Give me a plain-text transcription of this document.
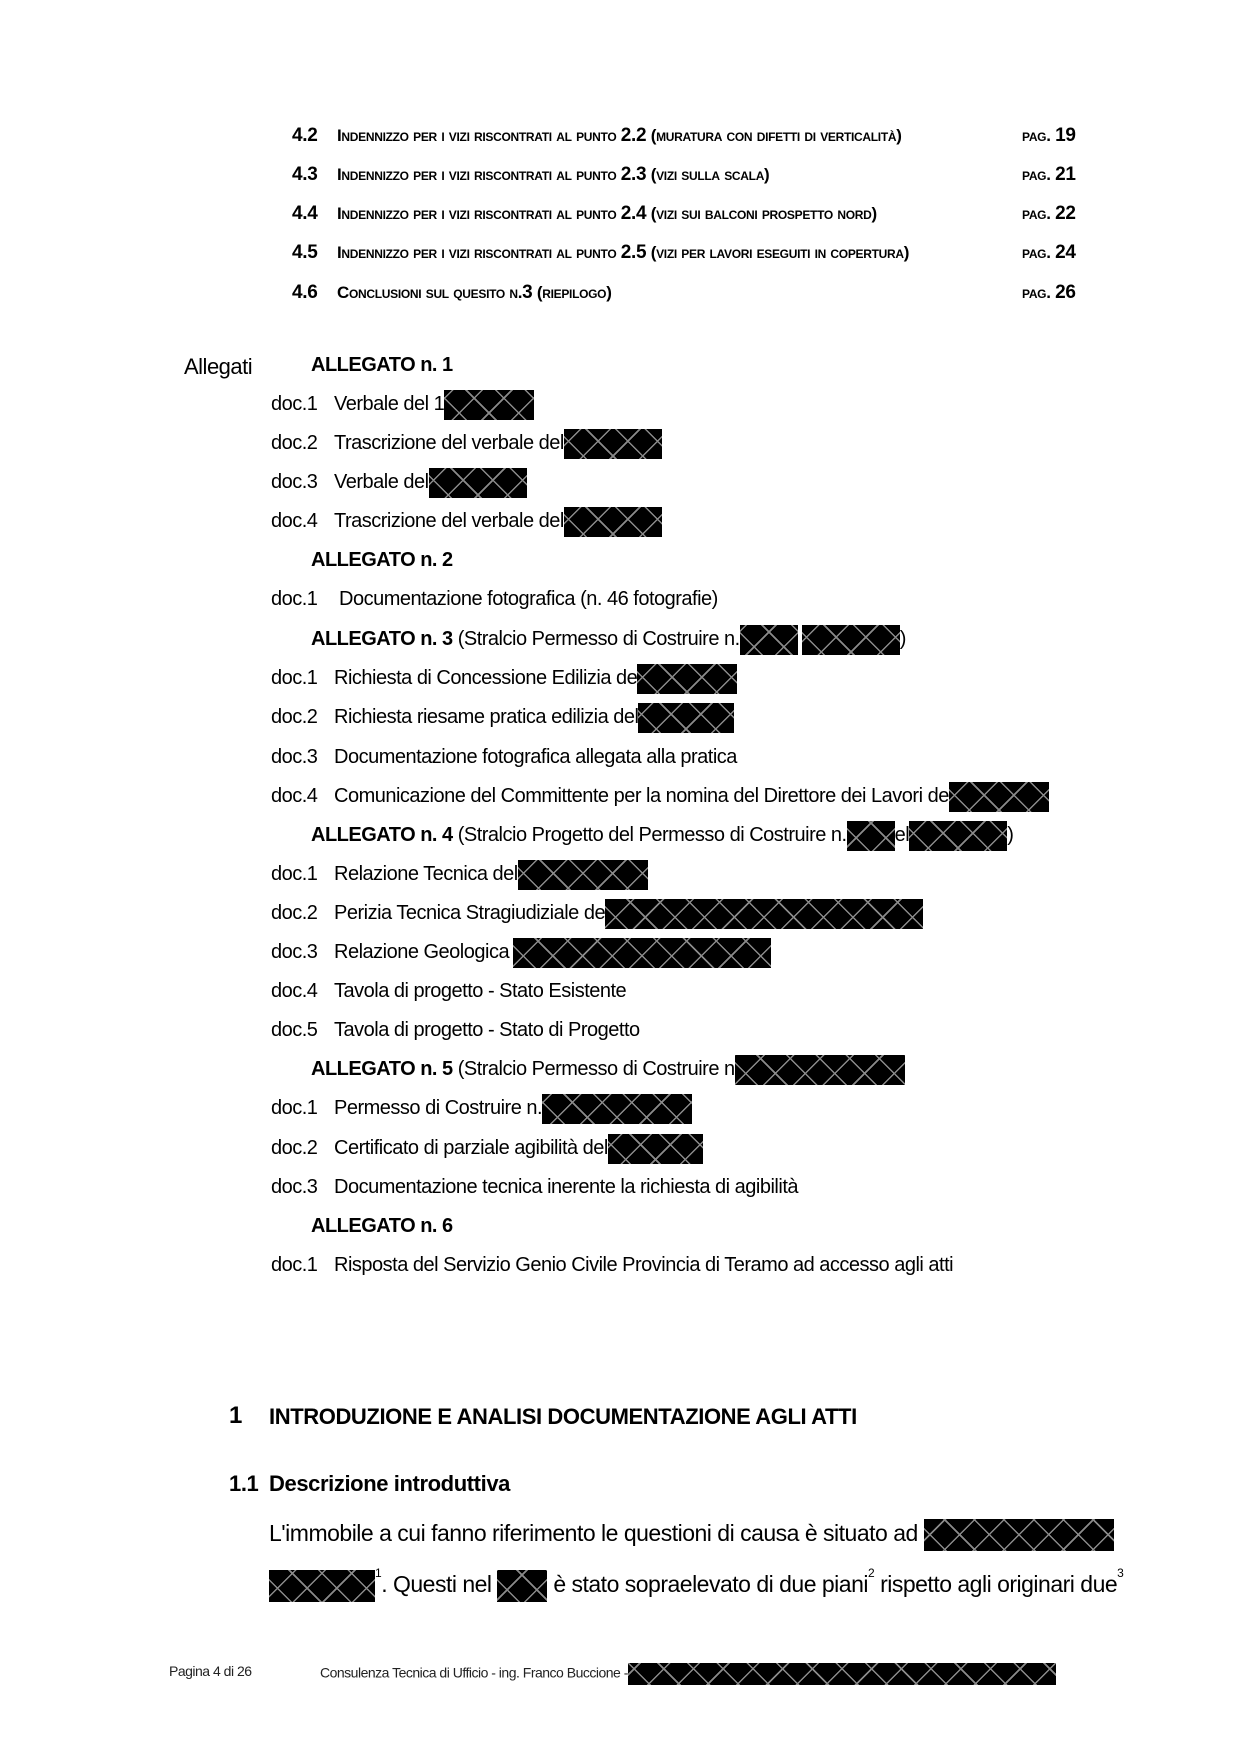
4.2 Indennizzo per i vizi riscontrati al punto 2.2 (muratura con difetti di verticalità)	pag. 19
4.3 Indennizzo per i vizi riscontrati al punto 2.3 (vizi sulla scala)	pag. 21
4.4 Indennizzo per i vizi riscontrati al punto 2.4 (vizi sui balconi prospetto nord)	pag. 22
4.5 Indennizzo per i vizi riscontrati al punto 2.5 (vizi per lavori eseguiti in copertura)	pag. 24
4.6 Conclusioni sul quesito n.3 (riepilogo)	pag. 26
Allegati	ALLEGATO n. 1
doc.1 Verbale del 1
doc.2 Trascrizione del verbale del
doc.3 Verbale del
doc.4 Trascrizione del verbale del
ALLEGATO n. 2
doc.1 Documentazione fotografica (n. 46 fotografie)
ALLEGATO n. 3 (Stralcio Permesso di Costruire n.	)
doc.1 Richiesta di Concessione Edilizia de
doc.2 Richiesta riesame pratica edilizia del
doc.3 Documentazione fotografica allegata alla pratica
doc.4 Comunicazione del Committente per la nomina del Direttore dei Lavori de
ALLEGATO n. 4 (Stralcio Progetto del Permesso di Costruire n. el	)
doc.1 Relazione Tecnica del
doc.2 Perizia Tecnica Stragiudiziale de
doc.3 Relazione Geologica
doc.4 Tavola di progetto - Stato Esistente
doc.5 Tavola di progetto - Stato di Progetto
ALLEGATO n. 5 (Stralcio Permesso di Costruire n
doc.1 Permesso di Costruire n.
doc.2 Certificato di parziale agibilità del
doc.3 Documentazione tecnica inerente la richiesta di agibilità
ALLEGATO n. 6
doc.1 Risposta del Servizio Genio Civile Provincia di Teramo ad accesso agli atti
1 INTRODUZIONE E ANALISI DOCUMENTAZIONE AGLI ATTI
1.1 Descrizione introduttiva
L'immobile a cui fanno riferimento le questioni di causa è situato ad
$^1$. Questi nel	è stato sopraelevato di due piani$^2$ rispetto agli originari due$^3$
Pagina 4 di 26	Consulenza Tecnica di Ufficio - ing. Franco Buccione -
